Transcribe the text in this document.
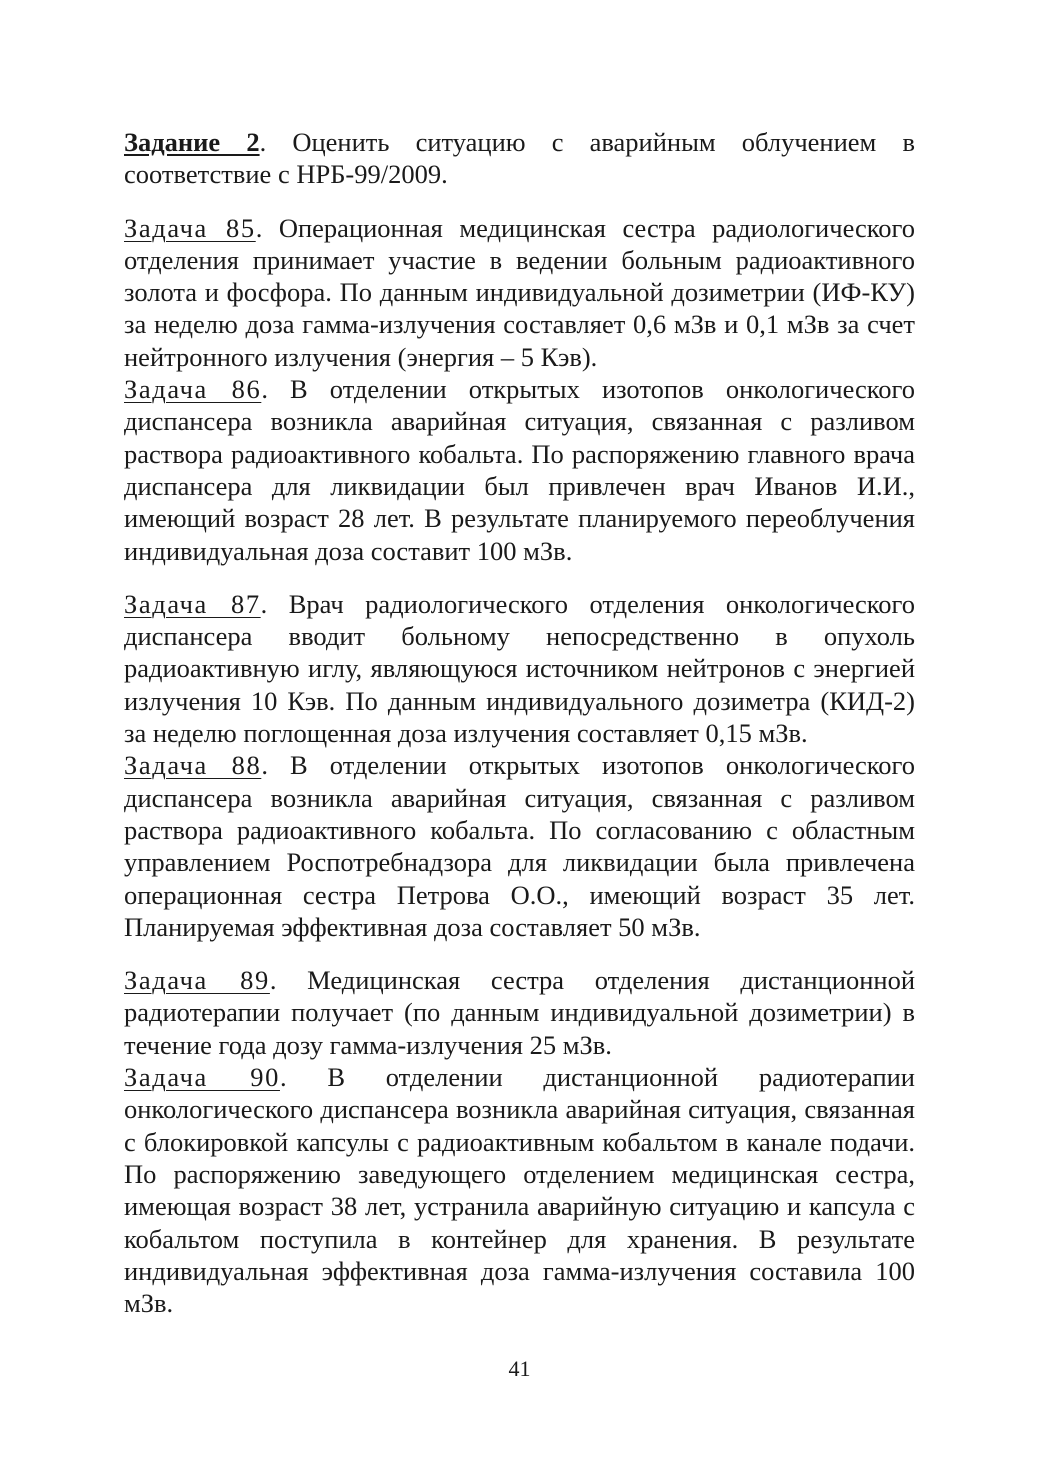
Задание 2. Оценить ситуацию с аварийным облучением в соответствие с НРБ-99/2009.

Задача 85. Операционная медицинская сестра радиологического отделения принимает участие в ведении больным радиоактивного золота и фосфора. По данным индивидуальной дозиметрии (ИФ-КУ) за неделю доза гамма-излучения составляет 0,6 мЗв и 0,1 мЗв за счет нейтронного излучения (энергия – 5 Кэв).

Задача 86. В отделении открытых изотопов онкологического диспансера возникла аварийная ситуация, связанная с разливом раствора радиоактивного кобальта. По распоряжению главного врача диспансера для ликвидации был привлечен врач Иванов И.И., имеющий возраст 28 лет. В результате планируемого переоблучения индивидуальная доза составит 100 мЗв.

Задача 87. Врач радиологического отделения онкологического диспансера вводит больному непосредственно в опухоль радиоактивную иглу, являющуюся источником нейтронов с энергией излучения 10 Кэв. По данным индивидуального дозиметра (КИД-2) за неделю поглощенная доза излучения составляет 0,15 мЗв.

Задача 88. В отделении открытых изотопов онкологического диспансера возникла аварийная ситуация, связанная с разливом раствора радиоактивного кобальта. По согласованию с областным управлением Роспотребнадзора для ликвидации была привлечена операционная сестра Петрова О.О., имеющий возраст 35 лет. Планируемая эффективная доза составляет 50 мЗв.

Задача 89. Медицинская сестра отделения дистанционной радиотерапии получает (по данным индивидуальной дозиметрии) в течение года дозу гамма-излучения 25 мЗв.

Задача 90. В отделении дистанционной радиотерапии онкологического диспансера возникла аварийная ситуация, связанная с блокировкой капсулы с радиоактивным кобальтом в канале подачи. По распоряжению заведующего отделением медицинская сестра, имеющая возраст 38 лет, устранила аварийную ситуацию и капсула с кобальтом поступила в контейнер для хранения. В результате индивидуальная эффективная доза гамма-излучения составила 100 мЗв.

41
